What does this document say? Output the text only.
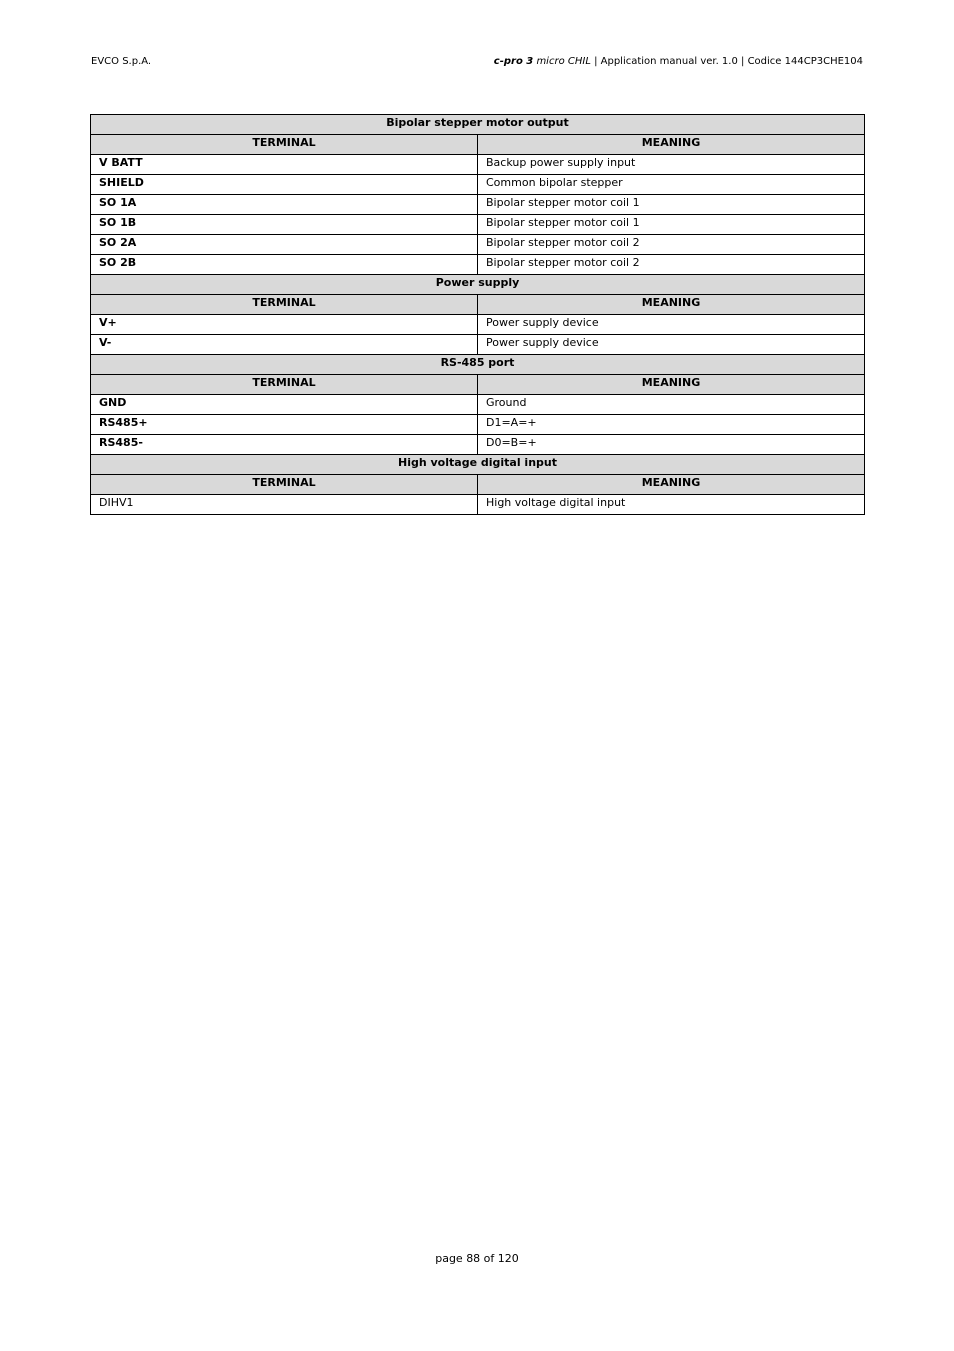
EVCO S.p.A.	c-pro 3 micro CHIL | Application manual ver. 1.0 | Codice 144CP3CHE104
Bipolar stepper motor output	
TERMINAL	MEANING
V BATT	Backup power supply input
SHIELD	Common bipolar stepper
SO 1A	Bipolar stepper motor coil 1
SO 1B	Bipolar stepper motor coil 1
SO 2A	Bipolar stepper motor coil 2
SO 2B	Bipolar stepper motor coil 2
Power supply	
TERMINAL	MEANING
V+	Power supply device
V-	Power supply device
RS-485 port	
TERMINAL	MEANING
GND	Ground
RS485+	D1=A=+
RS485-	D0=B=+
High voltage digital input	
TERMINAL	MEANING
DIHV1	High voltage digital input
page 88 of 120
